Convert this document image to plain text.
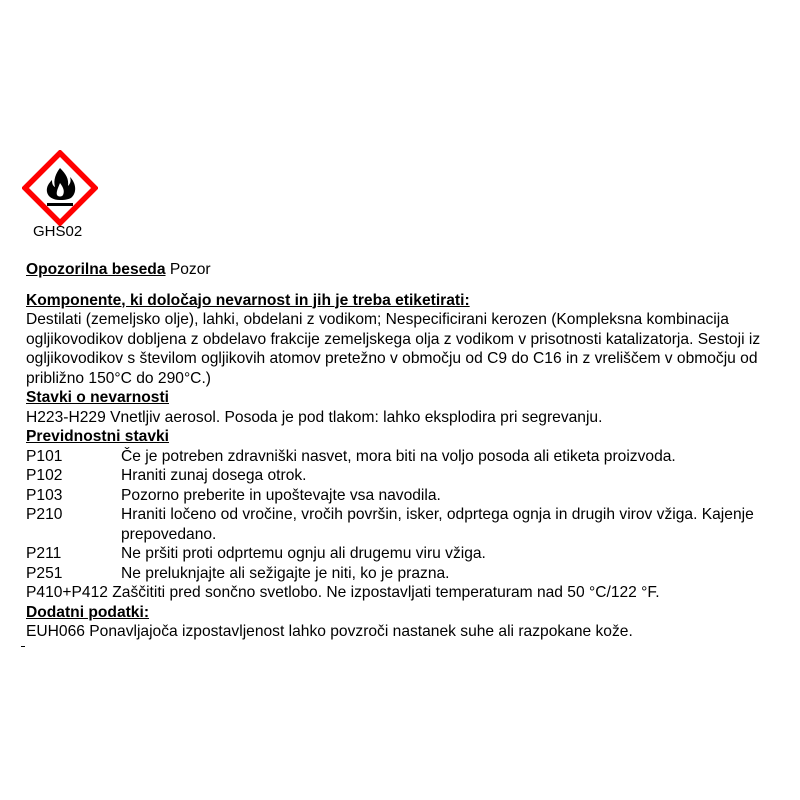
GHS02
Opozorilna beseda Pozor
Komponente, ki določajo nevarnost in jih je treba etiketirati:

Destilati (zemeljsko olje), lahki, obdelani z vodikom; Nespecificirani kerozen (Kompleksna kombinacija ogljikovodikov dobljena z obdelavo frakcije zemeljskega olja z vodikom v prisotnosti katalizatorja. Sestoji iz ogljikovodikov s številom ogljikovih atomov pretežno v območju od C9 do C16 in z vreliščem v območju od približno 150°C do 290°C.)

Stavki o nevarnosti

H223-H229 Vnetljiv aerosol. Posoda je pod tlakom: lahko eksplodira pri segrevanju.

Previdnostni stavki
P101	Če je potreben zdravniški nasvet, mora biti na voljo posoda ali etiketa proizvoda.
P102	Hraniti zunaj dosega otrok.
P103	Pozorno preberite in upoštevajte vsa navodila.
P210	Hraniti ločeno od vročine, vročih površin, isker, odprtega ognja in drugih virov vžiga. Kajenje prepovedano.
P211	Ne pršiti proti odprtemu ognju ali drugemu viru vžiga.
P251	Ne preluknjajte ali sežigajte je niti, ko je prazna.

P410+P412 Zaščititi pred sončno svetlobo. Ne izpostavljati temperaturam nad 50 °C/122 °F.

Dodatni podatki:

EUH066 Ponavljajoča izpostavljenost lahko povzroči nastanek suhe ali razpokane kože.
